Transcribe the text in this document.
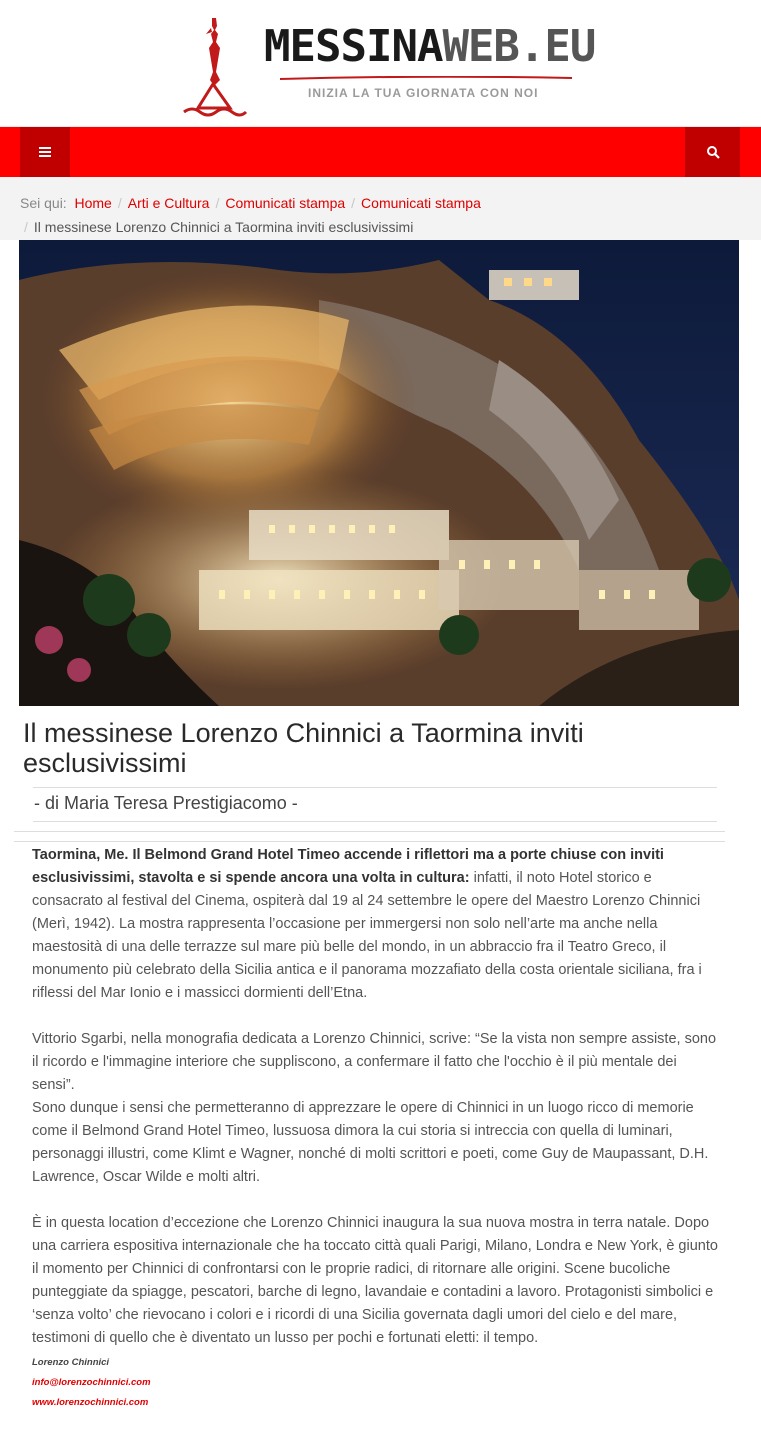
MESSINAWEB.EU
INIZIA LA TUA GIORNATA CON NOI
Sei qui: Home / Arti e Cultura / Comunicati stampa / Comunicati stampa
/ Il messinese Lorenzo Chinnici a Taormina inviti esclusivissimi
Il messinese Lorenzo Chinnici a Taormina inviti esclusivissimi
- di Maria Teresa Prestigiacomo -

Taormina, Me. Il Belmond Grand Hotel Timeo accende i riflettori ma a porte chiuse con inviti esclusivissimi, stavolta e si spende ancora una volta in cultura: infatti, il noto Hotel storico e consacrato al festival del Cinema, ospiterà dal 19 al 24 settembre le opere del Maestro Lorenzo Chinnici (Merì, 1942). La mostra rappresenta l’occasione per immergersi non solo nell’arte ma anche nella maestosità di una delle terrazze sul mare più belle del mondo, in un abbraccio fra il Teatro Greco, il monumento più celebrato della Sicilia antica e il panorama mozzafiato della costa orientale siciliana, fra i riflessi del Mar Ionio e i massicci dormienti dell’Etna.

Vittorio Sgarbi, nella monografia dedicata a Lorenzo Chinnici, scrive: “Se la vista non sempre assiste, sono il ricordo e l'immagine interiore che suppliscono, a confermare il fatto che l'occhio è il più mentale dei sensi”.

Sono dunque i sensi che permetteranno di apprezzare le opere di Chinnici in un luogo ricco di memorie come il Belmond Grand Hotel Timeo, lussuosa dimora la cui storia si intreccia con quella di luminari, personaggi illustri, come Klimt e Wagner, nonché di molti scrittori e poeti, come Guy de Maupassant, D.H. Lawrence, Oscar Wilde e molti altri.

È in questa location d’eccezione che Lorenzo Chinnici inaugura la sua nuova mostra in terra natale. Dopo una carriera espositiva internazionale che ha toccato città quali Parigi, Milano, Londra e New York, è giunto il momento per Chinnici di confrontarsi con le proprie radici, di ritornare alle origini. Scene bucoliche punteggiate da spiagge, pescatori, barche di legno, lavandaie e contadini a lavoro. Protagonisti simbolici e ‘senza volto’ che rievocano i colori e i ricordi di una Sicilia governata dagli umori del cielo e del mare, testimoni di quello che è diventato un lusso per pochi e fortunati eletti: il tempo.

Lorenzo Chinnici
info@lorenzochinnici.com
www.lorenzochinnici.com
